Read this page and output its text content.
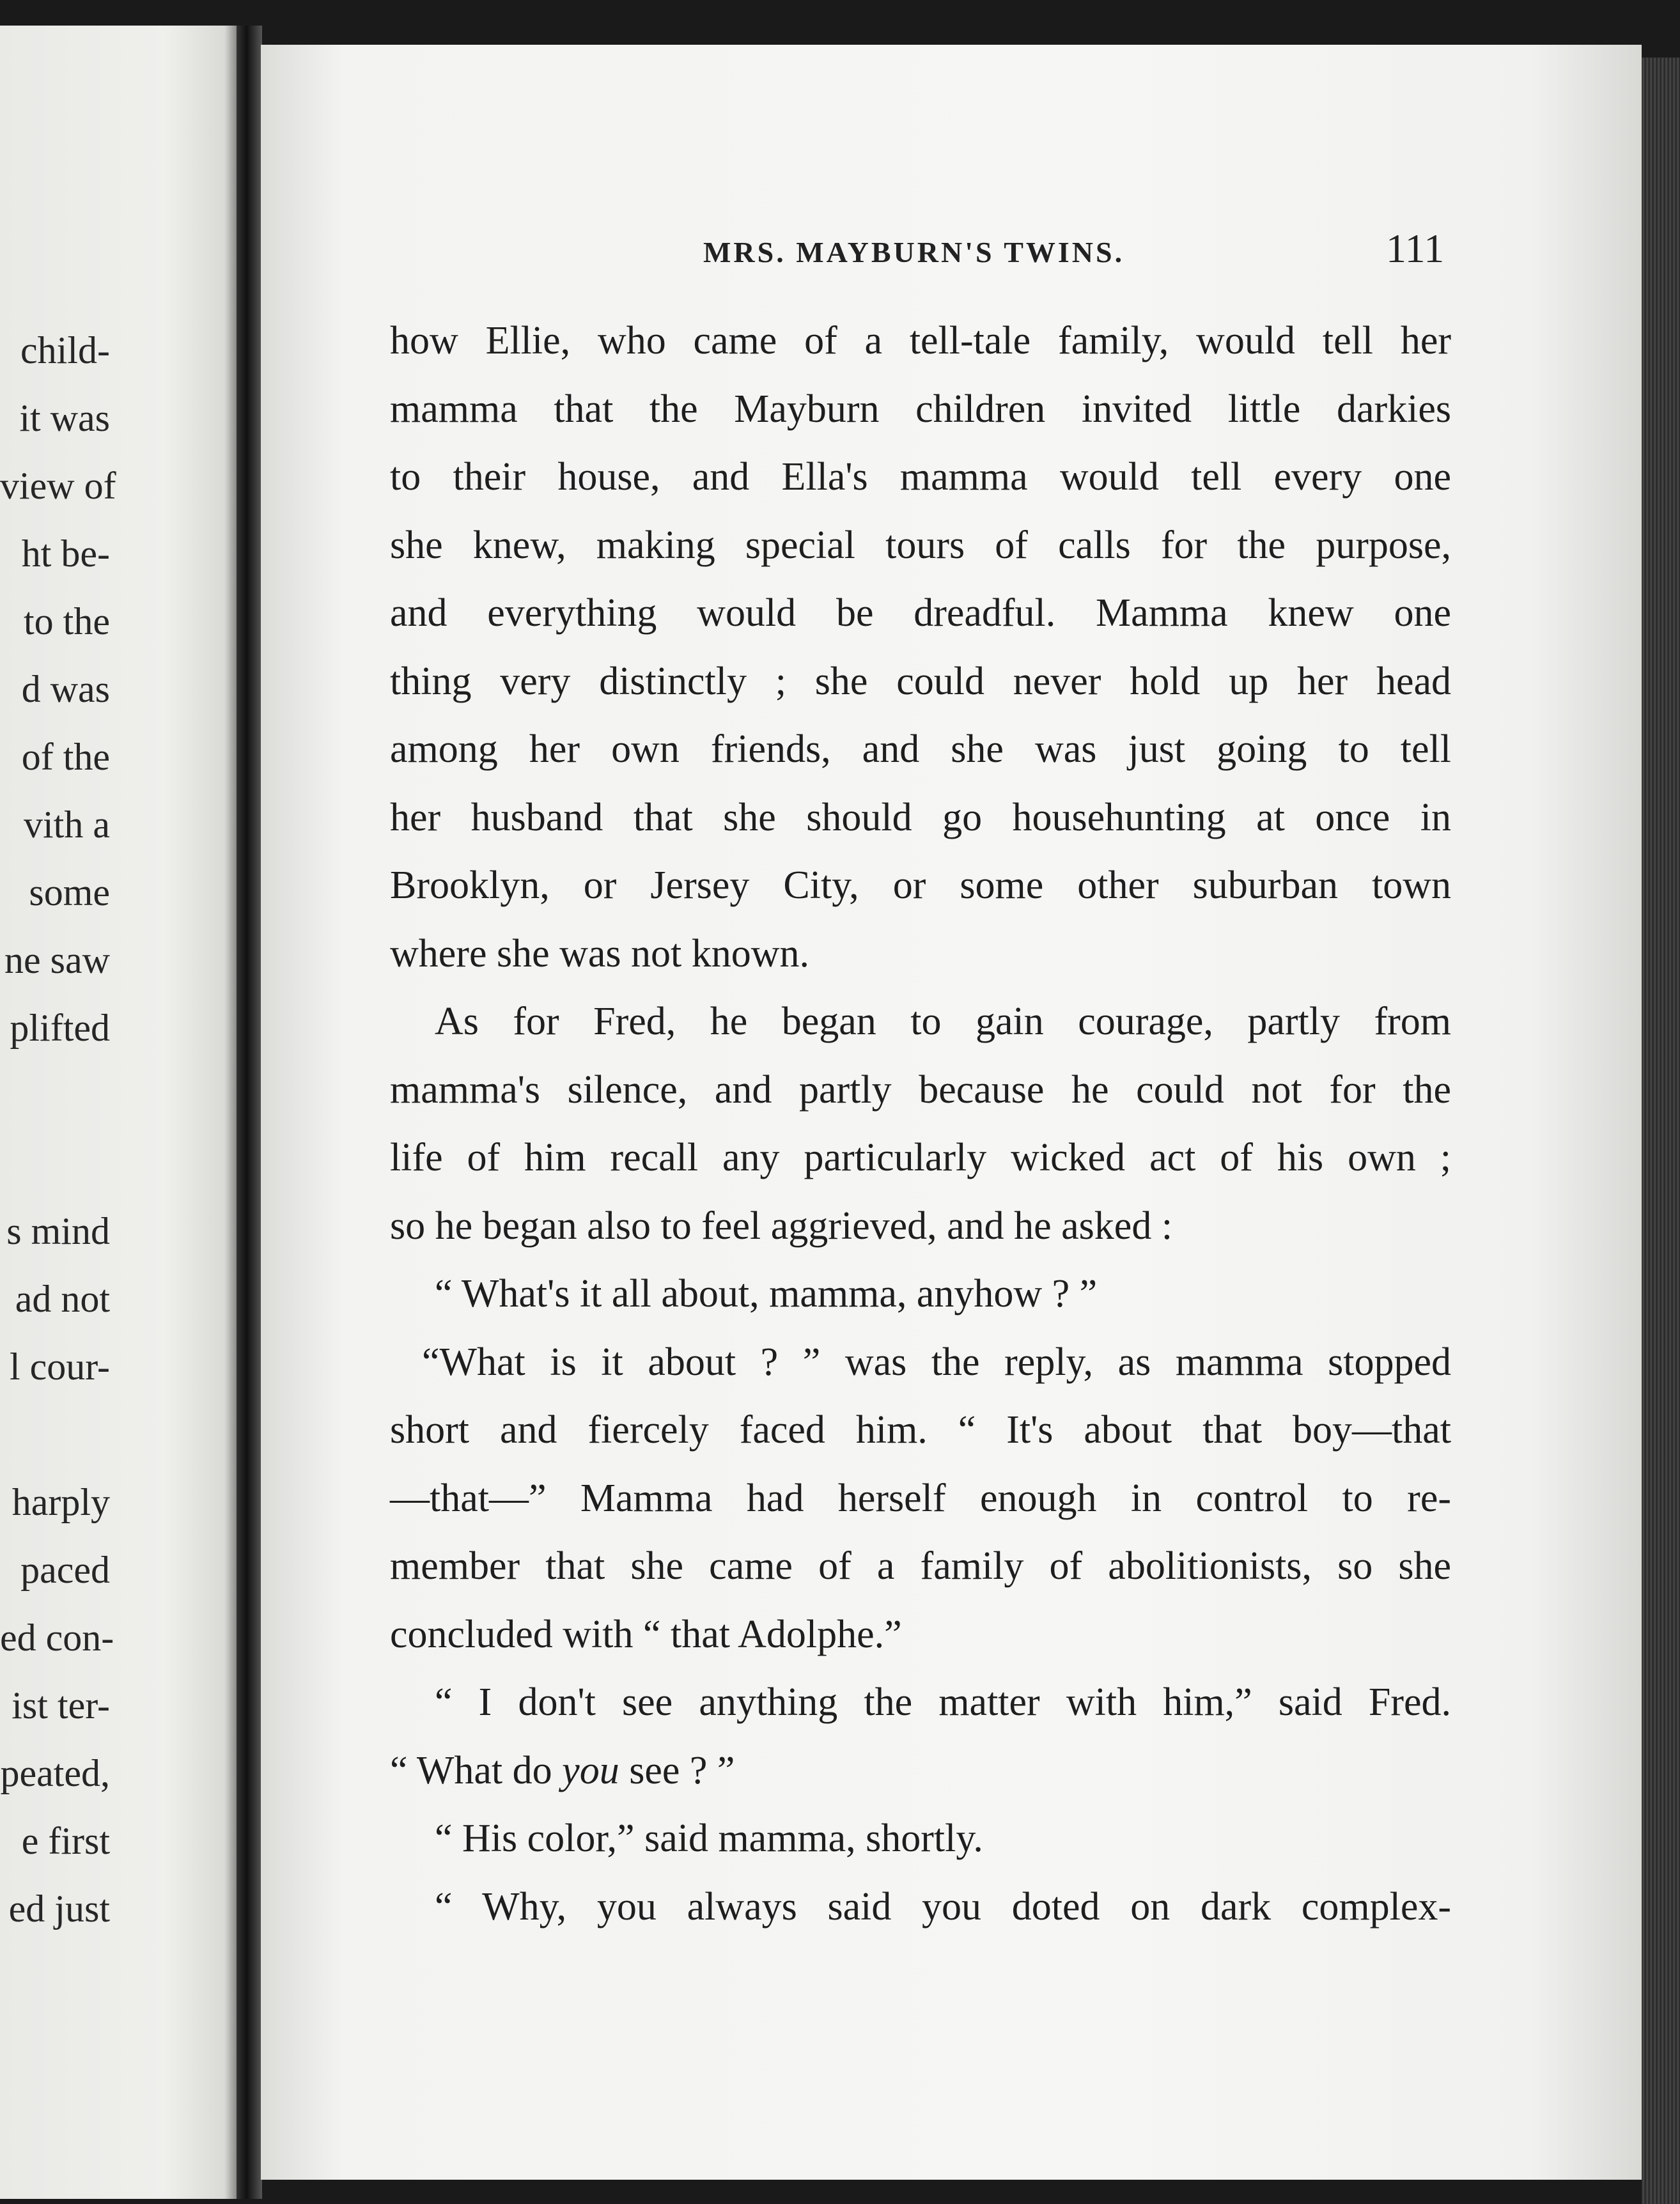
child-
it was
view of
ht be-
to the
d was
of the
vith a
some
ne saw
plifted
s mind
ad not
l cour-
harply
paced
ed con-
ist ter-
peated,
e first
ed just
MRS. MAYBURN'S TWINS.	111
how Ellie, who came of a tell-tale family, would tell her
mamma that the Mayburn children invited little darkies
to their house, and Ella's mamma would tell every one
she knew, making special tours of calls for the purpose,
and everything would be dreadful. Mamma knew one
thing very distinctly ; she could never hold up her head
among her own friends, and she was just going to tell
her husband that she should go househunting at once in
Brooklyn, or Jersey City, or some other suburban town
where she was not known.
As for Fred, he began to gain courage, partly from
mamma's silence, and partly because he could not for the
life of him recall any particularly wicked act of his own ;
so he began also to feel aggrieved, and he asked :
“ What's it all about, mamma, anyhow ? ”
“What is it about ? ” was the reply, as mamma stopped
short and fiercely faced him. “ It's about that boy—that
—that—” Mamma had herself enough in control to re-
member that she came of a family of abolitionists, so she
concluded with “ that Adolphe.”
“ I don't see anything the matter with him,” said Fred.
“ What do you see ? ”
“ His color,” said mamma, shortly.
“ Why, you always said you doted on dark complex-
